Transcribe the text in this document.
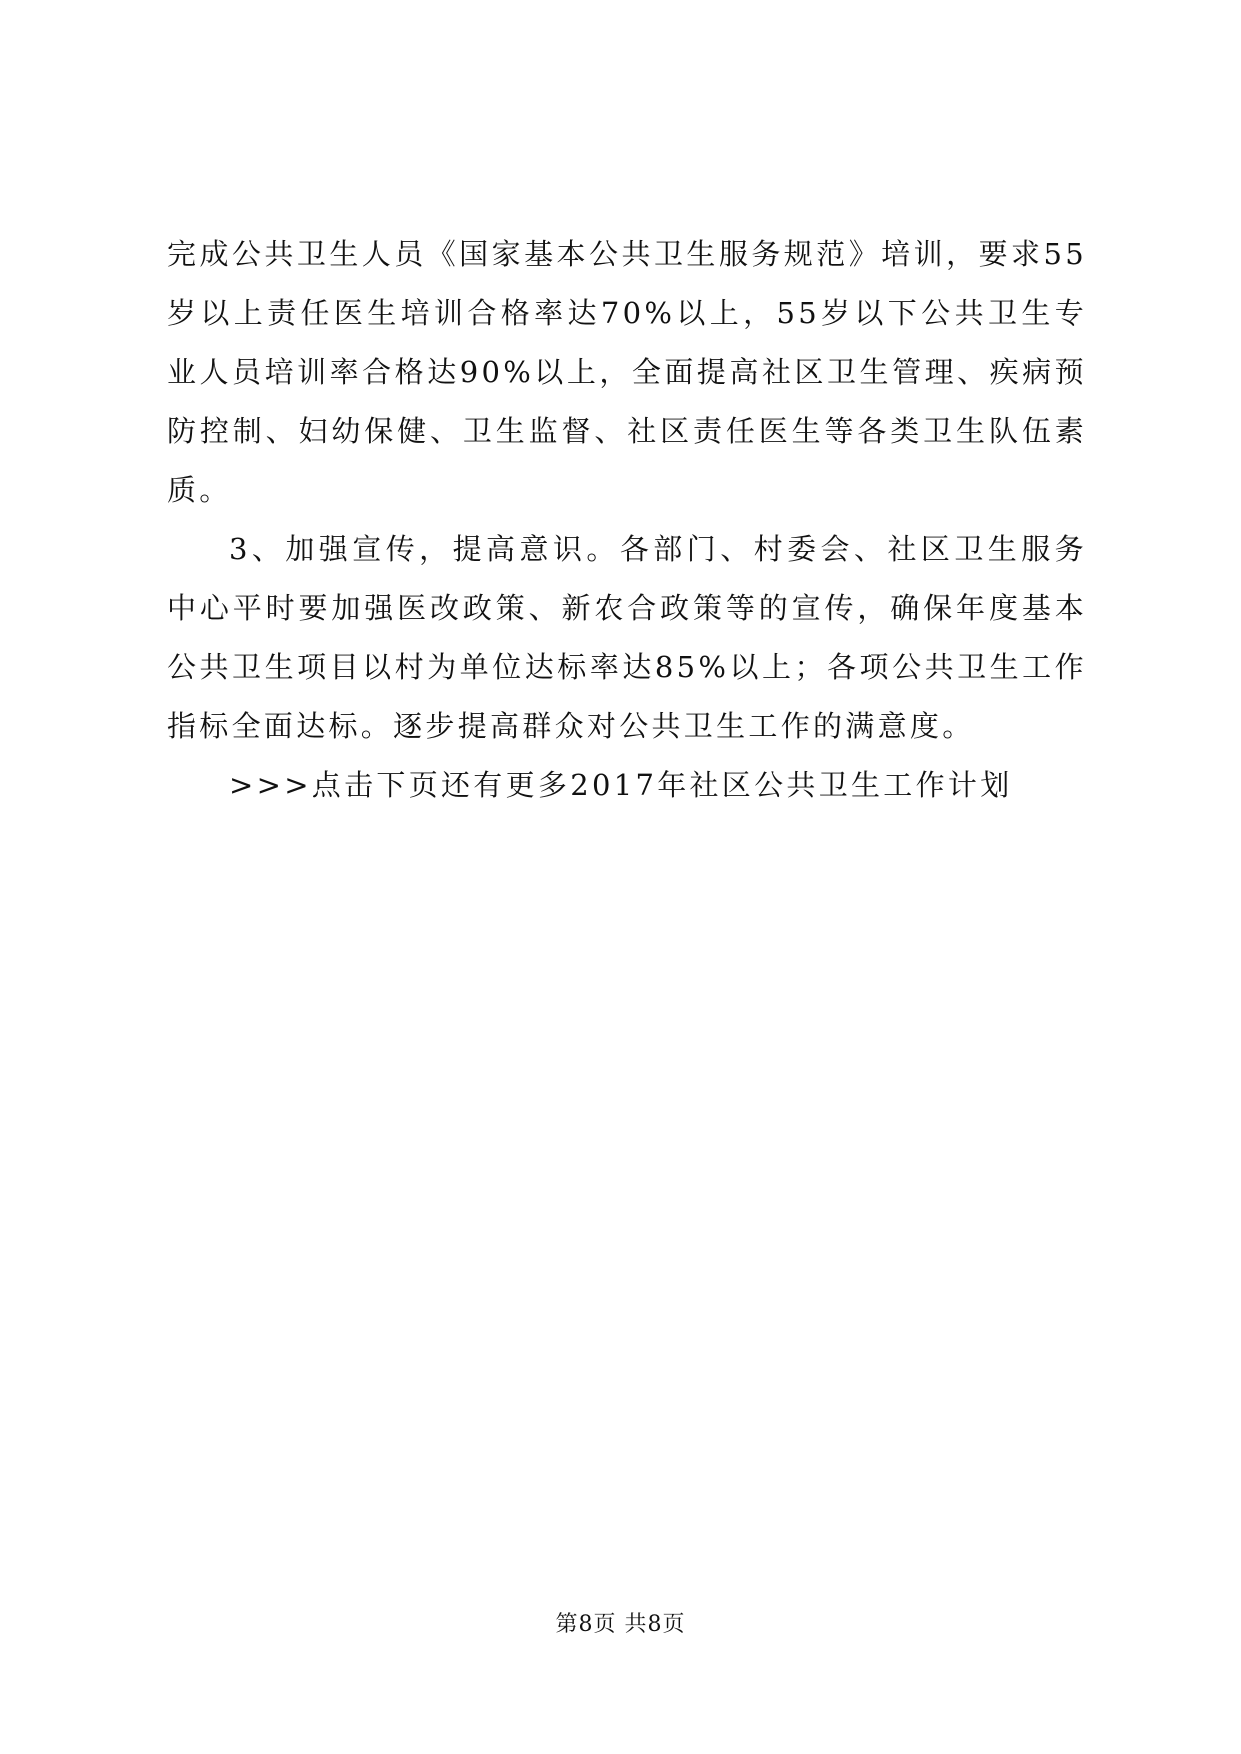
完成公共卫生人员《国家基本公共卫生服务规范》培训，要求55岁以上责任医生培训合格率达70%以上，55岁以下公共卫生专业人员培训率合格达90%以上，全面提高社区卫生管理、疾病预防控制、妇幼保健、卫生监督、社区责任医生等各类卫生队伍素质。

3、加强宣传，提高意识。各部门、村委会、社区卫生服务中心平时要加强医改政策、新农合政策等的宣传，确保年度基本公共卫生项目以村为单位达标率达85%以上；各项公共卫生工作指标全面达标。逐步提高群众对公共卫生工作的满意度。

>>>点击下页还有更多2017年社区公共卫生工作计划

第8页 共8页
